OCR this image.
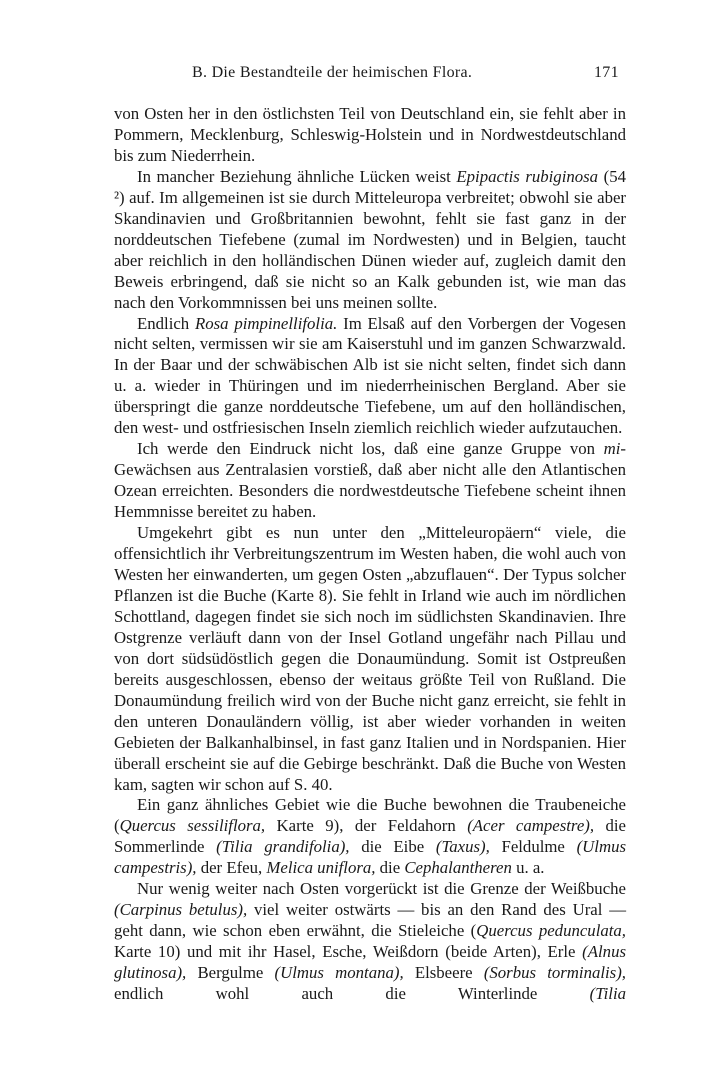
B. Die Bestandteile der heimischen Flora.	171

von Osten her in den östlichsten Teil von Deutschland ein, sie fehlt aber in Pommern, Mecklenburg, Schleswig-Holstein und in Nordwestdeutschland bis zum Niederrhein.

In mancher Beziehung ähnliche Lücken weist Epipactis rubiginosa (54 ²) auf. Im allgemeinen ist sie durch Mitteleuropa verbreitet; obwohl sie aber Skandinavien und Großbritannien bewohnt, fehlt sie fast ganz in der norddeutschen Tiefebene (zumal im Nordwesten) und in Belgien, taucht aber reichlich in den holländischen Dünen wieder auf, zugleich damit den Beweis erbringend, daß sie nicht so an Kalk gebunden ist, wie man das nach den Vorkommnissen bei uns meinen sollte.

Endlich Rosa pimpinellifolia. Im Elsaß auf den Vorbergen der Vogesen nicht selten, vermissen wir sie am Kaiserstuhl und im ganzen Schwarzwald. In der Baar und der schwäbischen Alb ist sie nicht selten, findet sich dann u. a. wieder in Thüringen und im niederrheinischen Bergland. Aber sie überspringt die ganze norddeutsche Tiefebene, um auf den holländischen, den west- und ostfriesischen Inseln ziemlich reichlich wieder aufzutauchen.

Ich werde den Eindruck nicht los, daß eine ganze Gruppe von mi-Gewächsen aus Zentralasien vorstieß, daß aber nicht alle den Atlantischen Ozean erreichten. Besonders die nordwestdeutsche Tiefebene scheint ihnen Hemmnisse bereitet zu haben.

Umgekehrt gibt es nun unter den „Mitteleuropäern“ viele, die offensichtlich ihr Verbreitungszentrum im Westen haben, die wohl auch von Westen her einwanderten, um gegen Osten „abzuflauen“. Der Typus solcher Pflanzen ist die Buche (Karte 8). Sie fehlt in Irland wie auch im nördlichen Schottland, dagegen findet sie sich noch im südlichsten Skandinavien. Ihre Ostgrenze verläuft dann von der Insel Gotland ungefähr nach Pillau und von dort südsüdöstlich gegen die Donaumündung. Somit ist Ostpreußen bereits ausgeschlossen, ebenso der weitaus größte Teil von Rußland. Die Donaumündung freilich wird von der Buche nicht ganz erreicht, sie fehlt in den unteren Donauländern völlig, ist aber wieder vorhanden in weiten Gebieten der Balkanhalbinsel, in fast ganz Italien und in Nordspanien. Hier überall erscheint sie auf die Gebirge beschränkt. Daß die Buche von Westen kam, sagten wir schon auf S. 40.

Ein ganz ähnliches Gebiet wie die Buche bewohnen die Traubeneiche (Quercus sessiliflora, Karte 9), der Feldahorn (Acer campestre), die Sommerlinde (Tilia grandifolia), die Eibe (Taxus), Feldulme (Ulmus campestris), der Efeu, Melica uniflora, die Cephalantheren u. a.

Nur wenig weiter nach Osten vorgerückt ist die Grenze der Weißbuche (Carpinus betulus), viel weiter ostwärts — bis an den Rand des Ural — geht dann, wie schon eben erwähnt, die Stieleiche (Quercus pedunculata, Karte 10) und mit ihr Hasel, Esche, Weißdorn (beide Arten), Erle (Alnus glutinosa), Bergulme (Ulmus montana), Elsbeere (Sorbus torminalis), endlich wohl auch die Winterlinde (Tilia
